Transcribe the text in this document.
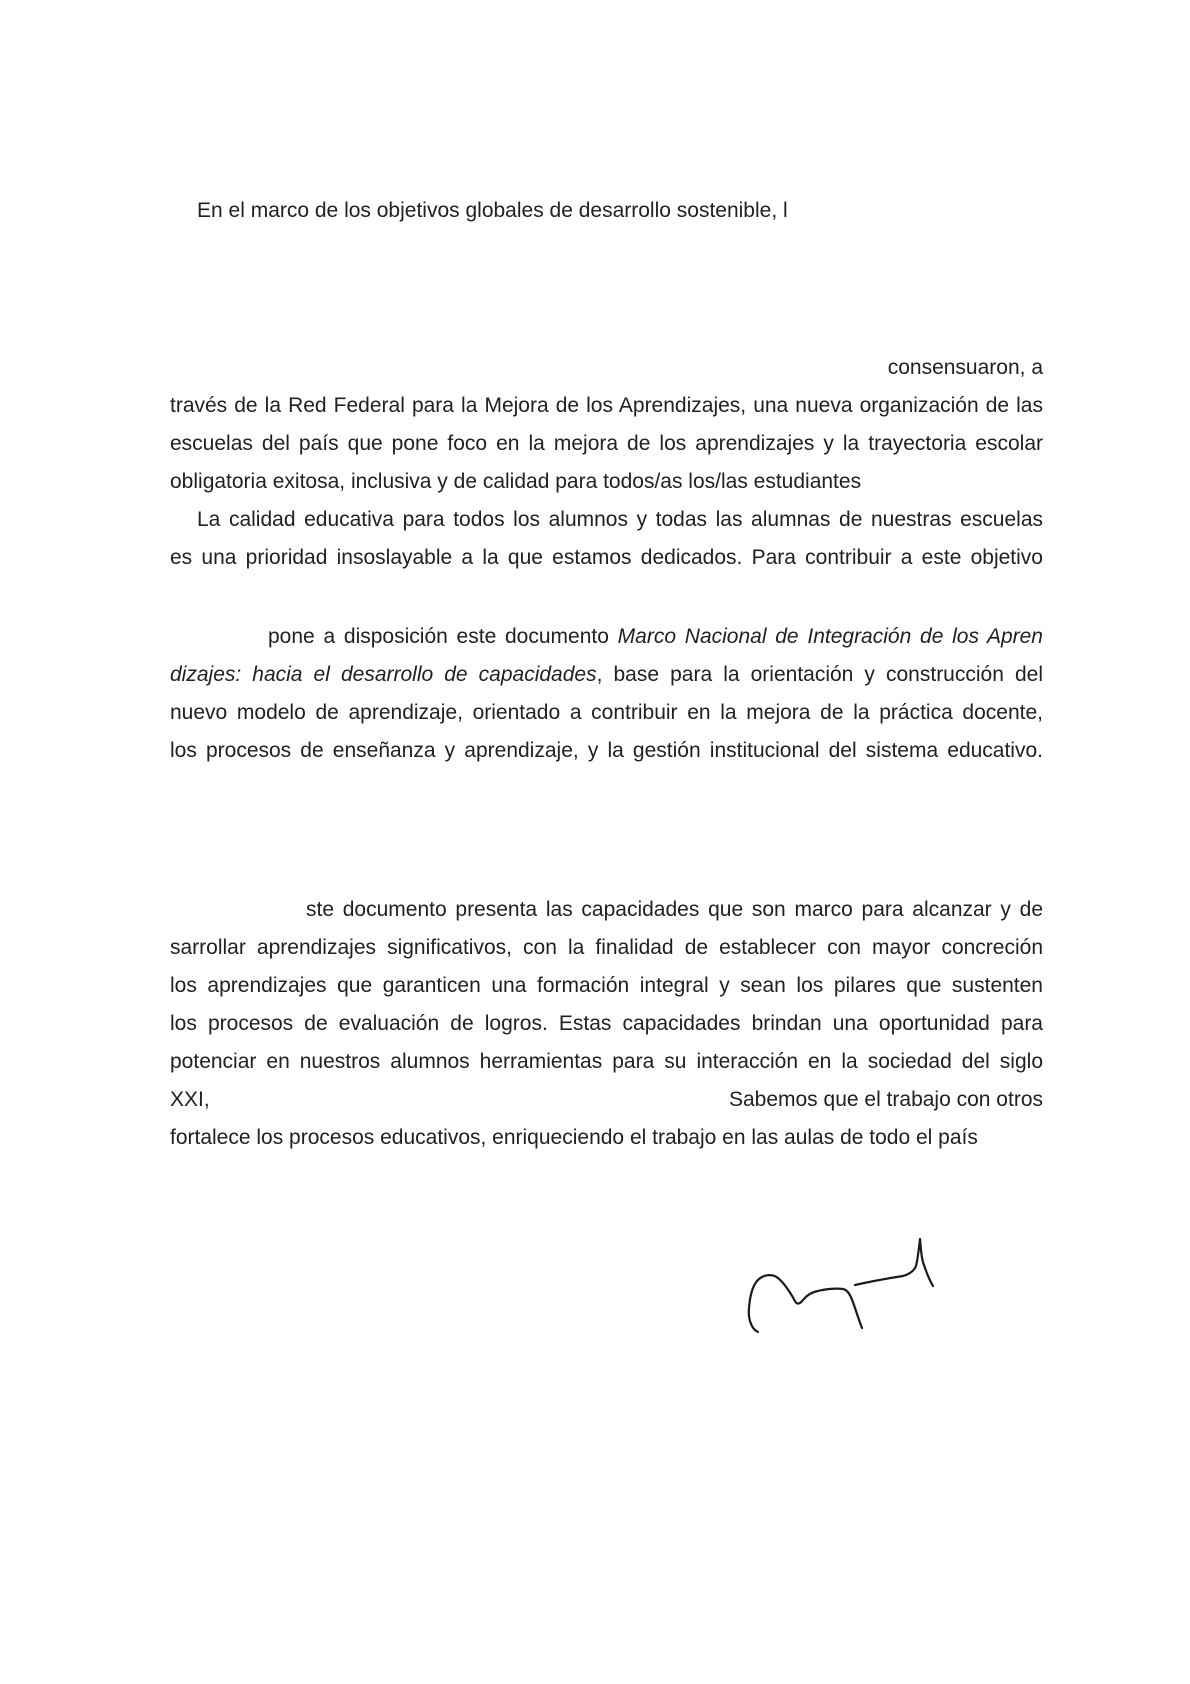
En el marco de los objetivos globales de desarrollo sostenible, l
consensuaron, a
través de la Red Federal para la Mejora de los Aprendizajes, una nueva organización de las
escuelas del país que pone foco en la mejora de los aprendizajes y la trayectoria escolar
obligatoria exitosa, inclusiva y de calidad para todos/as los/las estudiantes
La calidad educativa para todos los alumnos y todas las alumnas de nuestras escuelas
es una prioridad insoslayable a la que estamos dedicados. Para contribuir a este objetivo
pone a disposición este documento Marco Nacional de Integración de los Apren
dizajes: hacia el desarrollo de capacidades, base para la orientación y construcción del
nuevo modelo de aprendizaje, orientado a contribuir en la mejora de la práctica docente,
los procesos de enseñanza y aprendizaje, y la gestión institucional del sistema educativo.
ste documento presenta las capacidades que son marco para alcanzar y de
sarrollar aprendizajes significativos, con la finalidad de establecer con mayor concreción
los aprendizajes que garanticen una formación integral y sean los pilares que sustenten
los procesos de evaluación de logros. Estas capacidades brindan una oportunidad para
potenciar en nuestros alumnos herramientas para su interacción en la sociedad del siglo
XXI,	Sabemos que el trabajo con otros
fortalece los procesos educativos, enriqueciendo el trabajo en las aulas de todo el país
